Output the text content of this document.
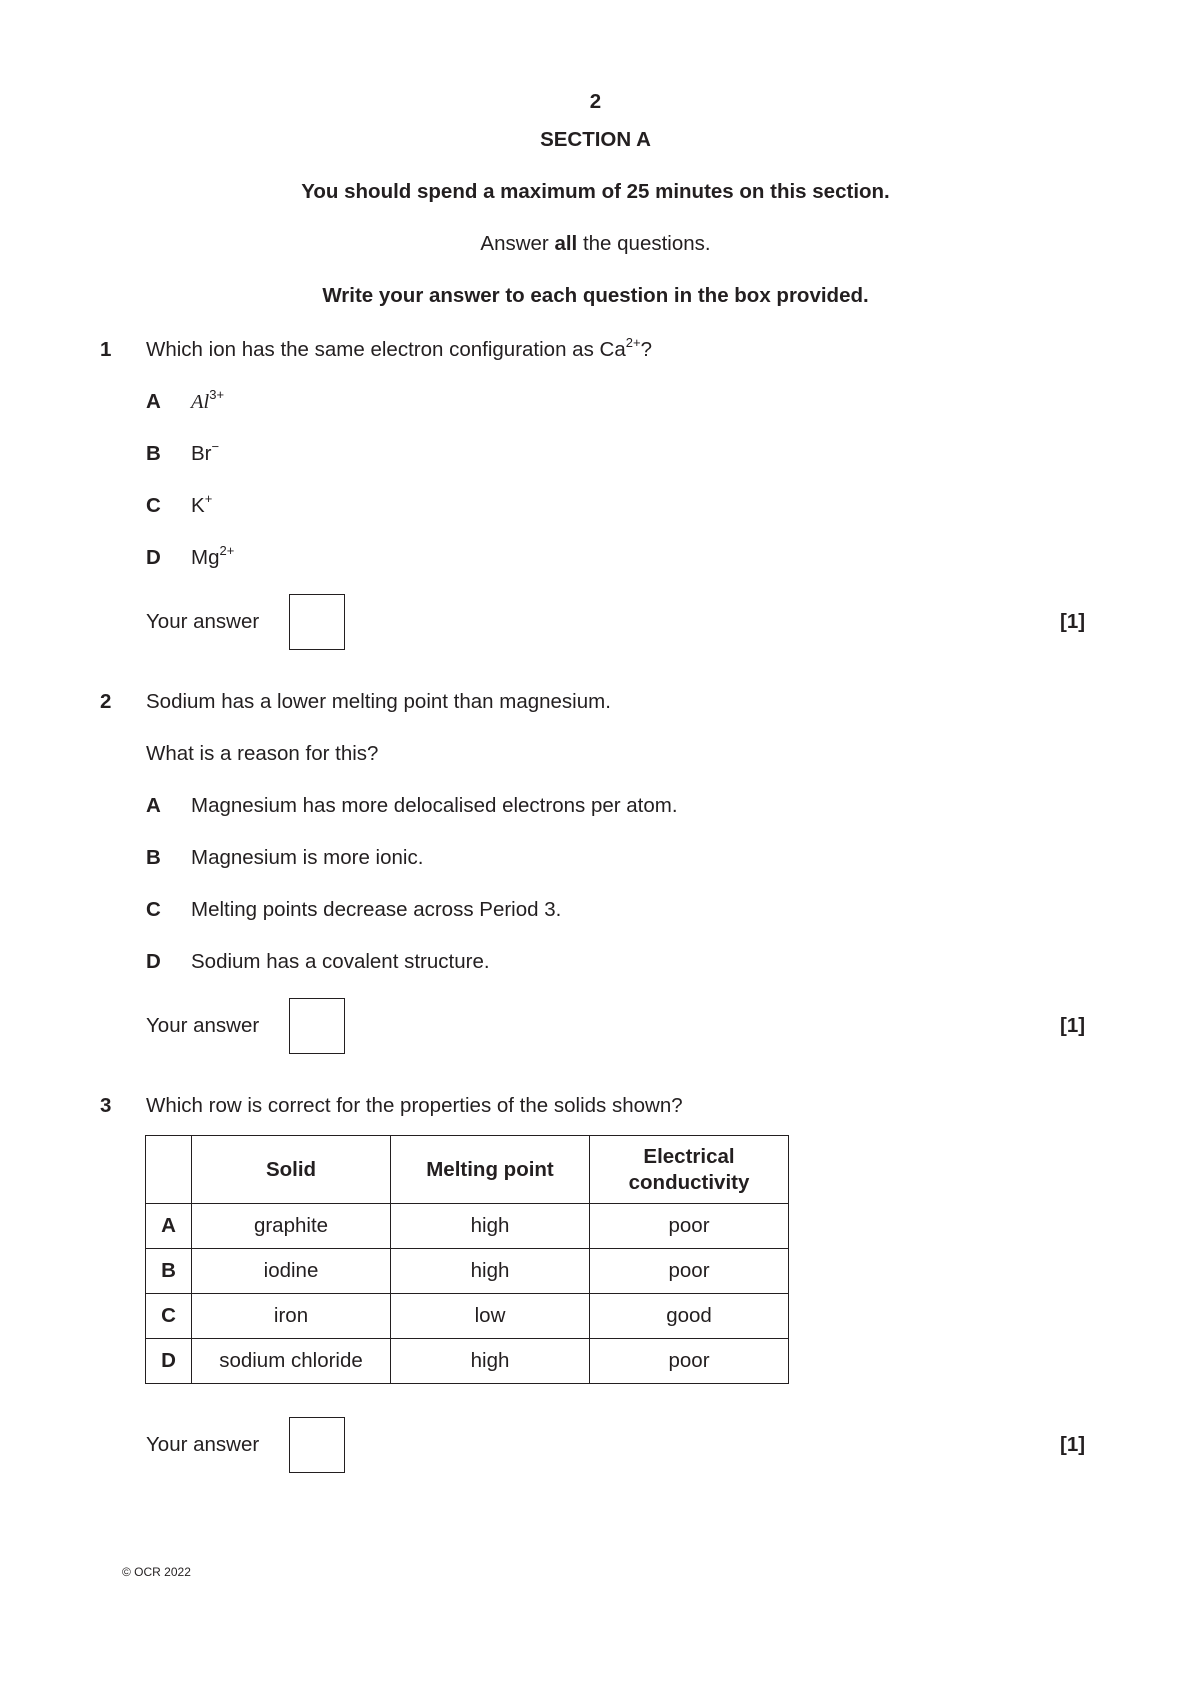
2
SECTION A
You should spend a maximum of 25 minutes on this section.
Answer all the questions.
Write your answer to each question in the box provided.
1 Which ion has the same electron configuration as $Ca^{2+}$?
A $Al^{3+}$
B Br−
C K+
D $Mg^{2+}$
Your answer	[1]
2 Sodium has a lower melting point than magnesium.
What is a reason for this?
A Magnesium has more delocalised electrons per atom.
B Magnesium is more ionic.
C Melting points decrease across Period 3.
D Sodium has a covalent structure.
Your answer	[1]
3 Which row is correct for the properties of the solids shown?
	Solid	Melting point	Electrical
conductivity
A	graphite	high	poor
B	iodine	high	poor
C	iron	low	good
D	sodium chloride	high	poor
Your answer	[1]
© OCR 2022
